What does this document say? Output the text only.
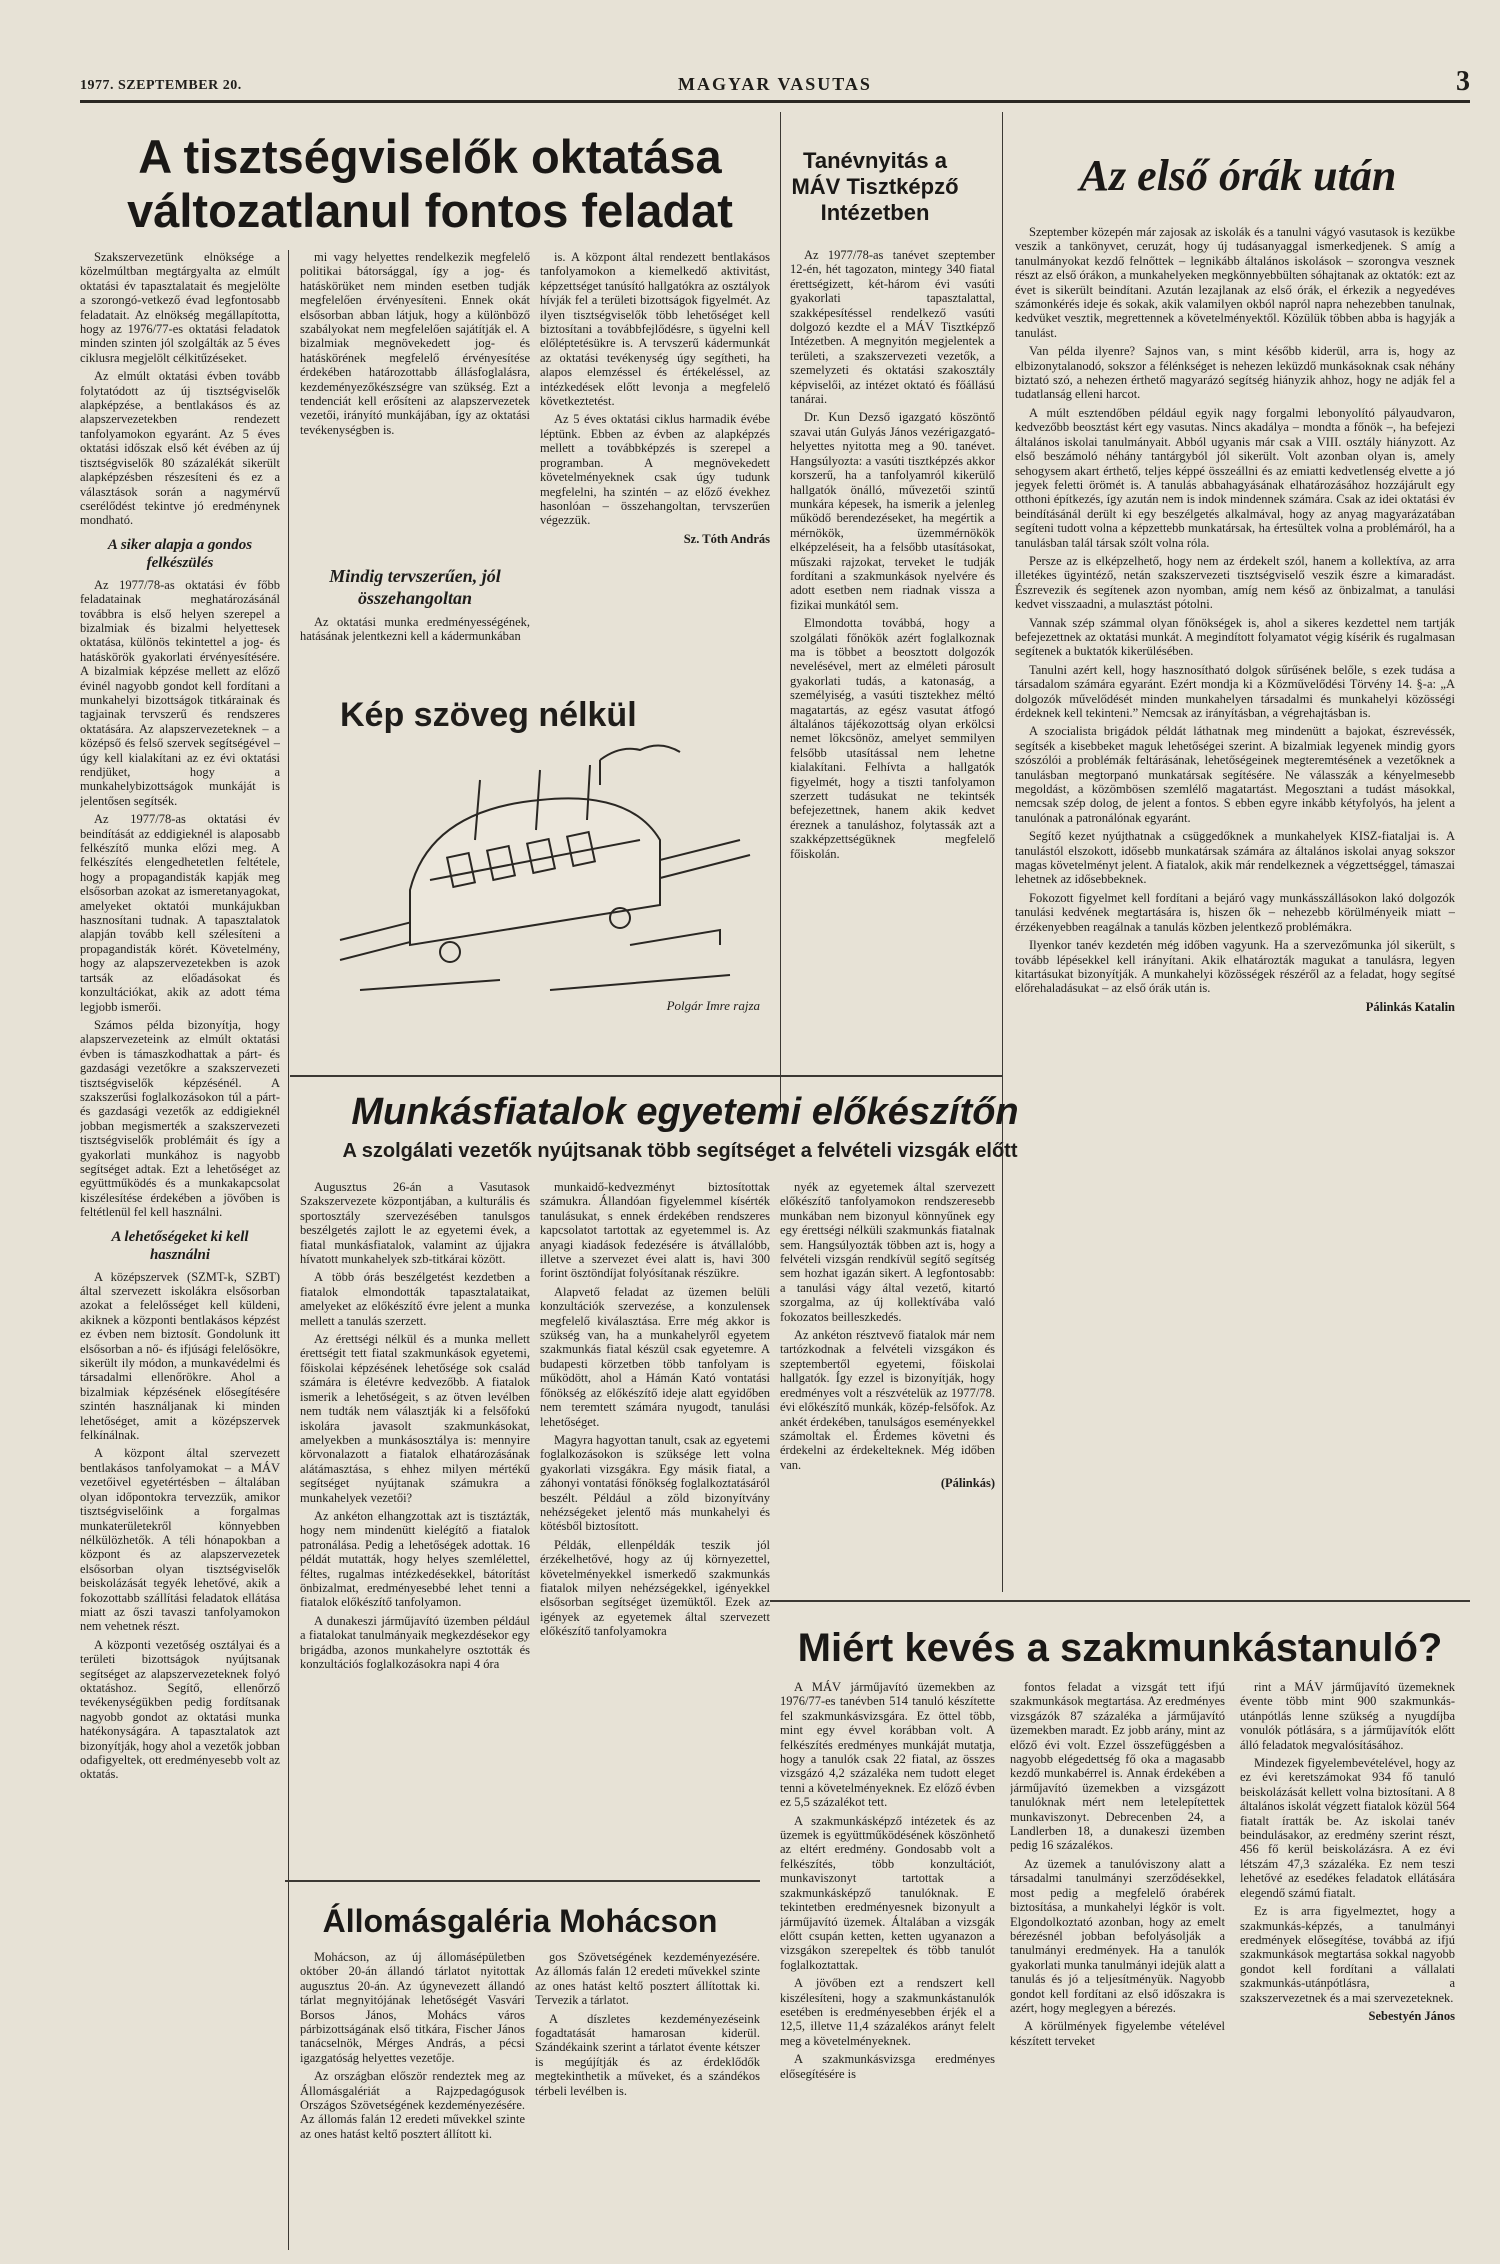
1977. SZEPTEMBER 20.	MAGYAR VASUTAS	3
A tisztségviselők oktatása változatlanul fontos feladat

Szakszervezetünk elnöksége a közelmúltban megtárgyalta az elmúlt oktatási év tapasztalatait és megjelölte a szorongó-vetkező évad legfontosabb feladatait. Az elnökség megállapította, hogy az 1976/77-es oktatási feladatok minden szinten jól szolgálták az 5 éves ciklusra megjelölt célkitűzéseket.

Az elmúlt oktatási évben tovább folytatódott az új tisztségviselők alapképzése, a bentlakásos és az alapszervezetekben rendezett tanfolyamokon egyaránt. Az 5 éves oktatási időszak első két évében az új tisztségviselők 80 százalékát sikerült alapképzésben részesíteni és ez a választások során a nagymérvű cserélődést tekintve jó eredménynek mondható.

A siker alapja a gondos felkészülés

Az 1977/78-as oktatási év főbb feladatainak meghatározásánál továbbra is első helyen szerepel a bizalmiak és bizalmi helyettesek oktatása, különös tekintettel a jog- és hatáskörök gyakorlati érvényesítésére. A bizalmiak képzése mellett az előző évinél nagyobb gondot kell fordítani a munkahelyi bizottságok titkárainak és tagjainak tervszerű és rendszeres oktatására. Az alapszervezeteknek – a középső és felső szervek segítségével – úgy kell kialakítani az ez évi oktatási rendjüket, hogy a munkahelybizottságok munkáját is jelentősen segítsék.

Az 1977/78-as oktatási év beindítását az eddigieknél is alaposabb felkészítő munka előzi meg. A felkészítés elengedhetetlen feltétele, hogy a propagandisták kapják meg elsősorban azokat az ismeretanyagokat, amelyeket oktatói munkájukban hasznosítani tudnak. A tapasztalatok alapján tovább kell szélesíteni a propagandisták körét. Követelmény, hogy az alapszervezetekben is azok tartsák az előadásokat és konzultációkat, akik az adott téma legjobb ismerői.

Számos példa bizonyítja, hogy alapszervezeteink az elmúlt oktatási évben is támaszkodhattak a párt- és gazdasági vezetőkre a szakszervezeti tisztségviselők képzésénél. A szakszerűsi foglalkozásokon túl a párt- és gazdasági vezetők az eddigieknél jobban megismerték a szakszervezeti tisztségviselők problémáit és így a gyakorlati munkához is nagyobb segítséget adtak. Ezt a lehetőséget az együttműködés és a munkakapcsolat kiszélesítése érdekében a jövőben is feltétlenül fel kell használni.

A lehetőségeket ki kell használni

A középszervek (SZMT-k, SZBT) által szervezett iskolákra elsősorban azokat a felelősséget kell küldeni, akiknek a központi bentlakásos képzést ez évben nem biztosít. Gondolunk itt elsősorban a nő- és ifjúsági felelősökre, sikerült ily módon, a munkavédelmi és társadalmi ellenőrökre. Ahol a bizalmiak képzésének elősegítésére szintén használjanak ki minden lehetőséget, amit a középszervek felkínálnak.

A központ által szervezett bentlakásos tanfolyamokat – a MÁV vezetőivel egyetértésben – általában olyan időpontokra tervezzük, amikor tisztségviselőink a forgalmas munkaterületekről könnyebben nélkülözhetők. A téli hónapokban a központ és az alapszervezetek elsősorban olyan tisztségviselők beiskolázását tegyék lehetővé, akik a fokozottabb szállítási feladatok ellátása miatt az őszi tavaszi tanfolyamokon nem vehetnek részt.

A központi vezetőség osztályai és a területi bizottságok nyújtsanak segítséget az alapszervezeteknek folyó oktatáshoz. Segítő, ellenőrző tevékenységükben pedig fordítsanak nagyobb gondot az oktatási munka hatékonyságára. A tapasztalatok azt bizonyítják, hogy ahol a vezetők jobban odafigyeltek, ott eredményesebb volt az oktatás.

mi vagy helyettes rendelkezik megfelelő politikai bátorsággal, így a jog- és hatáskörüket nem minden esetben tudják megfelelően érvényesíteni. Ennek okát elsősorban abban látjuk, hogy a különböző szabályokat nem megfelelően sajátítják el. A bizalmiak megnövekedett jog- és hatáskörének megfelelő érvényesítése érdekében határozottabb állásfoglalásra, kezdeményezőkészségre van szükség. Ezt a tendenciát kell erősíteni az alapszervezetek vezetői, irányító munkájában, így az oktatási tevékenységben is.

Mindig tervszerűen, jól összehangoltan

Az oktatási munka eredményességének, hatásának jelentkezni kell a kádermunkában

is. A központ által rendezett bentlakásos tanfolyamokon a kiemelkedő aktivitást, képzettséget tanúsító hallgatókra az osztályok hívják fel a területi bizottságok figyelmét. Az ilyen tisztségviselők több lehetőséget kell biztosítani a továbbfejlődésre, s ügyelni kell előléptetésükre is. A tervszerű kádermunkát az oktatási tevékenység úgy segítheti, ha alapos elemzéssel és értékeléssel, az intézkedések előtt levonja a megfelelő következtetést.

Az 5 éves oktatási ciklus harmadik évébe léptünk. Ebben az évben az alapképzés mellett a továbbképzés is szerepel a programban. A megnövekedett követelményeknek csak úgy tudunk megfelelni, ha szintén – az előző évekhez hasonlóan – összehangoltan, tervszerűen végezzük.

Sz. Tóth András
Kép szöveg nélkül
Polgár Imre rajza
Tanévnyitás a MÁV Tisztképző Intézetben

Az 1977/78-as tanévet szeptember 12-én, hét tagozaton, mintegy 340 fiatal érettségizett, két-három évi vasúti gyakorlati tapasztalattal, szakképesítéssel rendelkező vasúti dolgozó kezdte el a MÁV Tisztképző Intézetben. A megnyitón megjelentek a területi, a szakszervezeti vezetők, a szemelyzeti és oktatási szakosztály képviselői, az intézet oktató és főállású tanárai.

Dr. Kun Dezső igazgató köszöntő szavai után Gulyás János vezérigazgató-helyettes nyitotta meg a 90. tanévet. Hangsúlyozta: a vasúti tisztképzés akkor korszerű, ha a tanfolyamról kikerülő hallgatók önálló, művezetői szintű munkára képesek, ha ismerik a jelenleg működő berendezéseket, ha megértik a mérnökök, üzemmérnökök elképzeléseit, ha a felsőbb utasításokat, műszaki rajzokat, terveket le tudják fordítani a szakmunkások nyelvére és adott esetben nem riadnak vissza a fizikai munkától sem.

Elmondotta továbbá, hogy a szolgálati főnökök azért foglalkoznak ma is többet a beosztott dolgozók nevelésével, mert az elméleti párosult gyakorlati tudás, a katonaság, a személyiség, a vasúti tisztekhez méltó magatartás, az egész vasutat átfogó általános tájékozottság olyan erkölcsi nemet lökcsönöz, amelyet semmilyen felsőbb utasítással nem lehetne kialakítani. Felhívta a hallgatók figyelmét, hogy a tiszti tanfolyamon szerzett tudásukat ne tekintsék befejezettnek, hanem akik kedvet éreznek a tanuláshoz, folytassák azt a szakképzettségüknek megfelelő főiskolán.

Az első órák után

Szeptember közepén már zajosak az iskolák és a tanulni vágyó vasutasok is kezükbe veszik a tankönyvet, ceruzát, hogy új tudásanyaggal ismerkedjenek. S amíg a tanulmányokat kezdő felnőttek – legnikább általános iskolások – szorongva vesznek részt az első órákon, a munkahelyeken megkönnyebbülten sóhajtanak az oktatók: ezt az évet is sikerült beindítani. Azután lezajlanak az első órák, el érkezik a negyedéves számonkérés ideje és sokak, akik valamilyen okból napról napra nehezebben tanulnak, kedvüket vesztik, megrettennek a követelményektől. Közülük többen abba is hagyják a tanulást.

Van példa ilyenre? Sajnos van, s mint később kiderül, arra is, hogy az elbizonytalanodó, sokszor a félénkséget is nehezen leküzdő munkásoknak csak néhány biztató szó, a nehezen érthető magyarázó segítség hiányzik ahhoz, hogy ne adják fel a tudatlanság elleni harcot.

A múlt esztendőben például egyik nagy forgalmi lebonyolító pályaudvaron, kedvezőbb beosztást kért egy vasutas. Nincs akadálya – mondta a főnök –, ha befejezi általános iskolai tanulmányait. Abból ugyanis már csak a VIII. osztály hiányzott. Az első beszámoló néhány tantárgyból jól sikerült. Volt azonban olyan is, amely sehogysem akart érthető, teljes képpé összeállni és az emiatti kedvetlenség elvette a jó jegyek feletti örömét is. A tanulás abbahagyásának elhatározásához hozzájárult egy otthoni építkezés, így azután nem is indok mindennek számára. Csak az idei oktatási év beindításánál derült ki egy beszélgetés alkalmával, hogy az anyag magyarázatában segíteni tudott volna a képzettebb munkatársak, ha értesültek volna a problémáról, ha a tanulásban talál társak szólt volna róla.

Persze az is elképzelhető, hogy nem az érdekelt szól, hanem a kollektíva, az arra illetékes ügyintéző, netán szakszervezeti tisztségviselő veszik észre a kimaradást. Észrevezik és segítenek azon nyomban, amíg nem késő az önbizalmat, a tanulási kedvet visszaadni, a mulasztást pótolni.

Vannak szép számmal olyan főnökségek is, ahol a sikeres kezdettel nem tartják befejezettnek az oktatási munkát. A megindított folyamatot végig kísérik és rugalmasan segítenek a buktatók kikerülésében.

Tanulni azért kell, hogy hasznosítható dolgok sűrűsének belőle, s ezek tudása a társadalom számára egyaránt. Ezért mondja ki a Közművelődési Törvény 14. §-a: „A dolgozók művelődését minden munkahelyen társadalmi és munkahelyi közösségi érdeknek kell tekinteni.” Nemcsak az irányításban, a végrehajtásban is.

A szocialista brigádok példát láthatnak meg mindenütt a bajokat, észrevéssék, segítsék a kisebbeket maguk lehetőségei szerint. A bizalmiak legyenek mindig gyors szószólói a problémák feltárásának, lehetőségeinek megteremtésének a vezetőknek a tanulásban megtorpanó munkatársak segítésére. Ne válasszák a kényelmesebb megoldást, a közömbösen szemlélő magatartást. Megosztani a tudást másokkal, nemcsak szép dolog, de jelent a fontos. S ebben egyre inkább kétyfolyós, ha jelent a tanulónak a patronálónak egyaránt.

Segítő kezet nyújthatnak a csüggedőknek a munkahelyek KISZ-fiataljai is. A tanulástól elszokott, idősebb munkatársak számára az általános iskolai anyag sokszor magas követelményt jelent. A fiatalok, akik már rendelkeznek a végzettséggel, támaszai lehetnek az idősebbeknek.

Fokozott figyelmet kell fordítani a bejáró vagy munkásszállásokon lakó dolgozók tanulási kedvének megtartására is, hiszen ők – nehezebb körülményeik miatt – érzékenyebben reagálnak a tanulás közben jelentkező problémákra.

Ilyenkor tanév kezdetén még időben vagyunk. Ha a szervezőmunka jól sikerült, s tovább lépésekkel kell irányítani. Akik elhatározták magukat a tanulásra, legyen kitartásukat bizonyítják. A munkahelyi közösségek részéről az a feladat, hogy segítsé előrehaladásukat – az első órák után is.

Pálinkás Katalin
Munkásfiatalok egyetemi előkészítőn
A szolgálati vezetők nyújtsanak több segítséget a felvételi vizsgák előtt

Augusztus 26-án a Vasutasok Szakszervezete központjában, a kulturális és sportosztály szervezésében tanulsgos beszélgetés zajlott le az egyetemi évek, a fiatal munkásfiatalok, valamint az újjakra hívatott munkahelyek szb-titkárai között.

A több órás beszélgetést kezdetben a fiatalok elmondották tapasztalataikat, amelyeket az előkészítő évre jelent a munka mellett a tanulás szerzett.

Az érettségi nélkül és a munka mellett érettségit tett fiatal szakmunkások egyetemi, főiskolai képzésének lehetősége sok család számára is életévre kedvezőbb. A fiatalok ismerik a lehetőségeit, s az ötven levélben nem tudták nem választják ki a felsőfokú iskolára javasolt szakmunkásokat, amelyekben a munkásosztálya is: mennyire körvonalazott a fiatalok elhatározásának alátámasztása, s ehhez milyen mértékű segítséget nyújtanak számukra a munkahelyek vezetői?

Az ankéton elhangzottak azt is tisztázták, hogy nem mindenütt kielégítő a fiatalok patronálása. Pedig a lehetőségek adottak. 16 példát mutatták, hogy helyes szemlélettel, féltes, rugalmas intézkedésekkel, bátorítást önbizalmat, eredményesebbé lehet tenni a fiatalok előkészítő tanfolyamon.

A dunakeszi járműjavító üzemben például a fiatalokat tanulmányaik megkezdésekor egy brigádba, azonos munkahelyre osztották és konzultációs foglalkozásokra napi 4 óra

munkaidő-kedvezményt biztosítottak számukra. Állandóan figyelemmel kísérték tanulásukat, s ennek érdekében rendszeres kapcsolatot tartottak az egyetemmel is. Az anyagi kiadások fedezésére is átvállalóbb, illetve a szervezet évei alatt is, havi 300 forint ösztöndíjat folyósítanak részükre.

Alapvető feladat az üzemen belüli konzultációk szervezése, a konzulensek megfelelő kiválasztása. Erre még akkor is szükség van, ha a munkahelyről egyetem szakmunkás fiatal készül csak egyetemre. A budapesti körzetben több tanfolyam is működött, ahol a Hámán Kató vontatási főnökség az előkészítő ideje alatt egyidőben nem teremtett számára nyugodt, tanulási lehetőséget.

Magyra hagyottan tanult, csak az egyetemi foglalkozásokon is szüksége lett volna gyakorlati vizsgákra. Egy másik fiatal, a záhonyi vontatási főnökség foglalkoztatásáról beszélt. Például a zöld bizonyítvány nehézségeket jelentő más munkahelyi és kötésből biztosított.

Példák, ellenpéldák teszik jól érzékelhetővé, hogy az új környezettel, követelményekkel ismerkedő szakmunkás fiatalok milyen nehézségekkel, igényekkel elsősorban segítséget üzemüktől. Ezek az igények az egyetemek által szervezett előkészítő tanfolyamokra

nyék az egyetemek által szervezett előkészítő tanfolyamokon rendszeresebb munkában nem bizonyul könnyűnek egy egy érettségi nélküli szakmunkás fiatalnak sem. Hangsúlyozták többen azt is, hogy a felvételi vizsgán rendkívül segítő segítség sem hozhat igazán sikert. A legfontosabb: a tanulási vágy által vezető, kitartó szorgalma, az új kollektívába való fokozatos beilleszkedés.

Az ankéton résztvevő fiatalok már nem tartózkodnak a felvételi vizsgákon és szeptembertől egyetemi, főiskolai hallgatók. Így ezzel is bizonyítják, hogy eredményes volt a részvételük az 1977/78. évi előkészítő munkák, közép-felsőfok. Az ankét érdekében, tanulságos eseményekkel számoltak el. Érdemes követni és érdekelni az érdekelteknek. Még időben van.

(Pálinkás)
Miért kevés a szakmunkástanuló?

A MÁV járműjavító üzemekben az 1976/77-es tanévben 514 tanuló készítette fel szakmunkásvizsgára. Ez öttel több, mint egy évvel korábban volt. A felkészítés eredményes munkáját mutatja, hogy a tanulók csak 22 fiatal, az összes vizsgázó 4,2 százaléka nem tudott eleget tenni a követelményeknek. Ez előző évben ez 5,5 százalékot tett.

A szakmunkásképző intézetek és az üzemek is együttműködésének köszönhető az eltért eredmény. Gondosabb volt a felkészítés, több konzultációt, munkaviszonyt tartottak a szakmunkásképző tanulóknak. E tekintetben eredményesnek bizonyult a járműjavító üzemek. Általában a vizsgák előtt csupán ketten, ketten ugyanazon a vizsgákon szerepeltek és több tanulót foglalkoztattak.

A jövőben ezt a rendszert kell kiszélesíteni, hogy a szakmunkástanulók esetében is eredményesebben érjék el a 12,5, illetve 11,4 százalékos arányt felelt meg a követelményeknek.

A szakmunkásvizsga eredményes elősegítésére is

fontos feladat a vizsgát tett ifjú szakmunkások megtartása. Az eredményes vizsgázók 87 százaléka a járműjavító üzemekben maradt. Ez jobb arány, mint az előző évi volt. Ezzel összefüggésben a nagyobb elégedettség fő oka a magasabb kezdő munkabérrel is. Annak érdekében a járműjavító üzemekben a vizsgázott tanulóknak mért nem letelepítettek munkaviszonyt. Debrecenben 24, a Landlerben 18, a dunakeszi üzemben pedig 16 százalékos.

Az üzemek a tanulóviszony alatt a társadalmi tanulmányi szerződésekkel, most pedig a megfelelő órabérek biztosítása, a munkahelyi légkör is volt. Elgondolkoztató azonban, hogy az emelt bérezésnél jobban befolyásolják a tanulmányi eredmények. Ha a tanulók gyakorlati munka tanulmányi idejük alatt a tanulás és jó a teljesítményük. Nagyobb gondot kell fordítani az első időszakra is azért, hogy meglegyen a bérezés.

A körülmények figyelembe vételével készített terveket

rint a MÁV járműjavító üzemeknek évente több mint 900 szakmunkás-utánpótlás lenne szükség a nyugdíjba vonulók pótlására, s a járműjavítók előtt álló feladatok megvalósításához.

Mindezek figyelembevételével, hogy az ez évi keretszámokat 934 fő tanuló beiskolázását kellett volna biztosítani. A 8 általános iskolát végzett fiatalok közül 564 fiatalt íratták be. Az iskolai tanév beindulásakor, az eredmény szerint részt, 456 fő kerül beiskolázásra. A ez évi létszám 47,3 százaléka. Ez nem teszi lehetővé az esedékes feladatok ellátására elegendő számú fiatalt.

Ez is arra figyelmeztet, hogy a szakmunkás-képzés, a tanulmányi eredmények elősegítése, továbbá az ifjú szakmunkások megtartása sokkal nagyobb gondot kell fordítani a vállalati szakmunkás-utánpótlásra, a szakszervezetnek és a mai szervezeteknek.

Sebestyén János
Állomásgaléria Mohácson

Mohácson, az új állomásépületben október 20-án állandó tárlatot nyitottak augusztus 20-án. Az úgynevezett állandó tárlat megnyitójának lehetőségét Vasvári Borsos János, Mohács város párbizottságának első titkára, Fischer János tanácselnök, Mérges András, a pécsi igazgatóság helyettes vezetője.

Az országban először rendeztek meg az Állomásgalériát a Rajzpedagógusok Országos Szövetségének kezdeményezésére. Az állomás falán 12 eredeti művekkel szinte az ones hatást keltő posztert állított ki.

gos Szövetségének kezdeményezésére. Az állomás falán 12 eredeti művekkel szinte az ones hatást keltő posztert állítottak ki. Tervezik a tárlatot.

A díszletes kezdeményezéseink fogadtatását hamarosan kiderül. Szándékaink szerint a tárlatot évente kétszer is megújítják és az érdeklődők megtekinthetik a műveket, és a szándékos térbeli levélben is.
